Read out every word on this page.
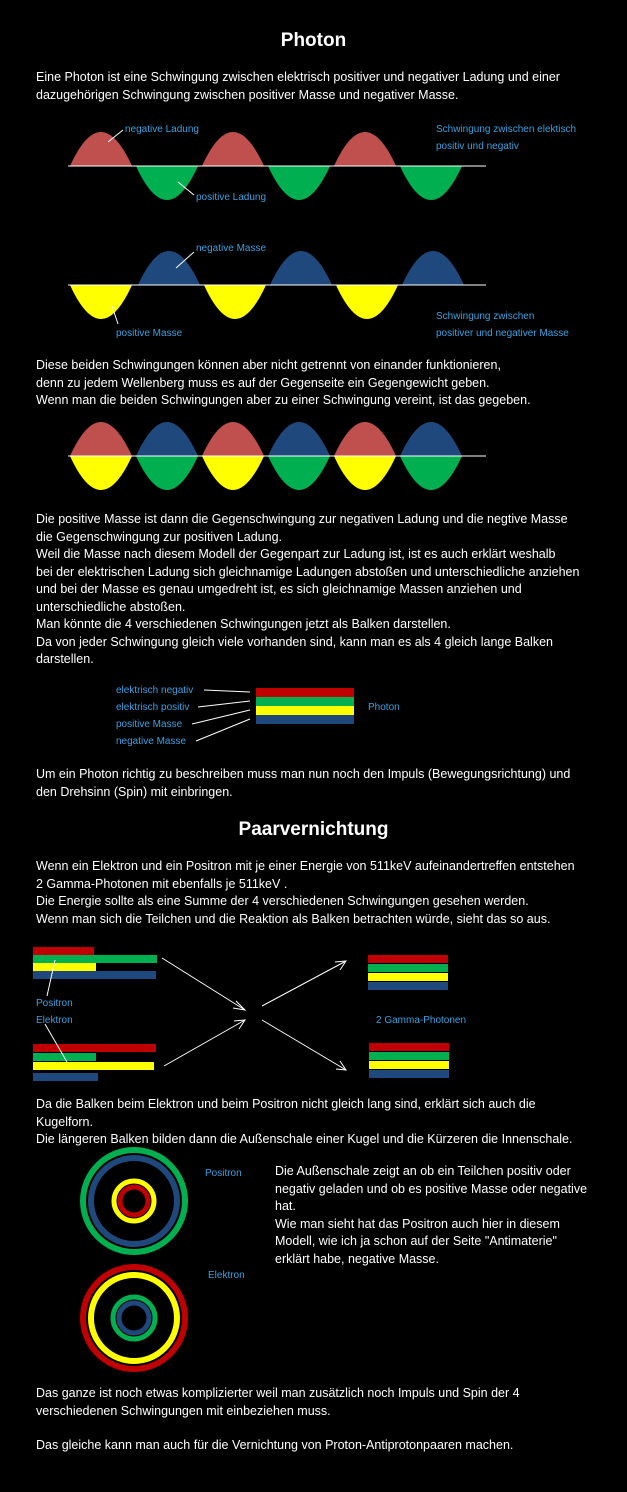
Photon
Eine Photon ist eine Schwingung zwischen elektrisch positiver und negativer Ladung und einer
dazugehörigen Schwingung zwischen positiver Masse und negativer Masse.
negative Ladung
positive Ladung
Schwingung zwischen elektisch
positiv und negativ
negative Masse
positive Masse
Schwingung zwischen
positiver und negativer Masse
Diese beiden Schwingungen können aber nicht getrennt von einander funktionieren,
denn zu jedem Wellenberg muss es auf der Gegenseite ein Gegengewicht geben.
Wenn man die beiden Schwingungen aber zu einer Schwingung vereint, ist das gegeben.
Die positive Masse ist dann die Gegenschwingung zur negativen Ladung und die negtive Masse
die Gegenschwingung zur positiven Ladung.
Weil die Masse nach diesem Modell der Gegenpart zur Ladung ist, ist es auch erklärt weshalb
bei der elektrischen Ladung sich gleichnamige Ladungen abstoßen und unterschiedliche anziehen
und bei der Masse es genau umgedreht ist, es sich gleichnamige Massen anziehen und
unterschiedliche abstoßen.
Man könnte die 4 verschiedenen Schwingungen jetzt als Balken darstellen.
Da von jeder Schwingung gleich viele vorhanden sind, kann man es als 4 gleich lange Balken
darstellen.
elektrisch negativ
elektrisch positiv
positive Masse
negative Masse
Photon
Um ein Photon richtig zu beschreiben muss man nun noch den Impuls (Bewegungsrichtung) und
den Drehsinn (Spin) mit einbringen.
Paarvernichtung
Wenn ein Elektron und ein Positron mit je einer Energie von 511keV aufeinandertreffen entstehen
2 Gamma-Photonen mit ebenfalls je 511keV .
Die Energie sollte als eine Summe der 4 verschiedenen Schwingungen gesehen werden.
Wenn man sich die Teilchen und die Reaktion als Balken betrachten würde, sieht das so aus.
Positron
Elektron	2 Gamma-Photonen
Da die Balken beim Elektron und beim Positron nicht gleich lang sind, erklärt sich auch die
Kugelforn.
Die längeren Balken bilden dann die Außenschale einer Kugel und die Kürzeren die Innenschale.
Positron
Elektron
Die Außenschale zeigt an ob ein Teilchen positiv oder
negativ geladen und ob es positive Masse oder negative
hat.
Wie man sieht hat das Positron auch hier in diesem
Modell, wie ich ja schon auf der Seite "Antimaterie"
erklärt habe, negative Masse.
Das ganze ist noch etwas komplizierter weil man zusätzlich noch Impuls und Spin der 4
verschiedenen Schwingungen mit einbeziehen muss.
Das gleiche kann man auch für die Vernichtung von Proton-Antiprotonpaaren machen.
